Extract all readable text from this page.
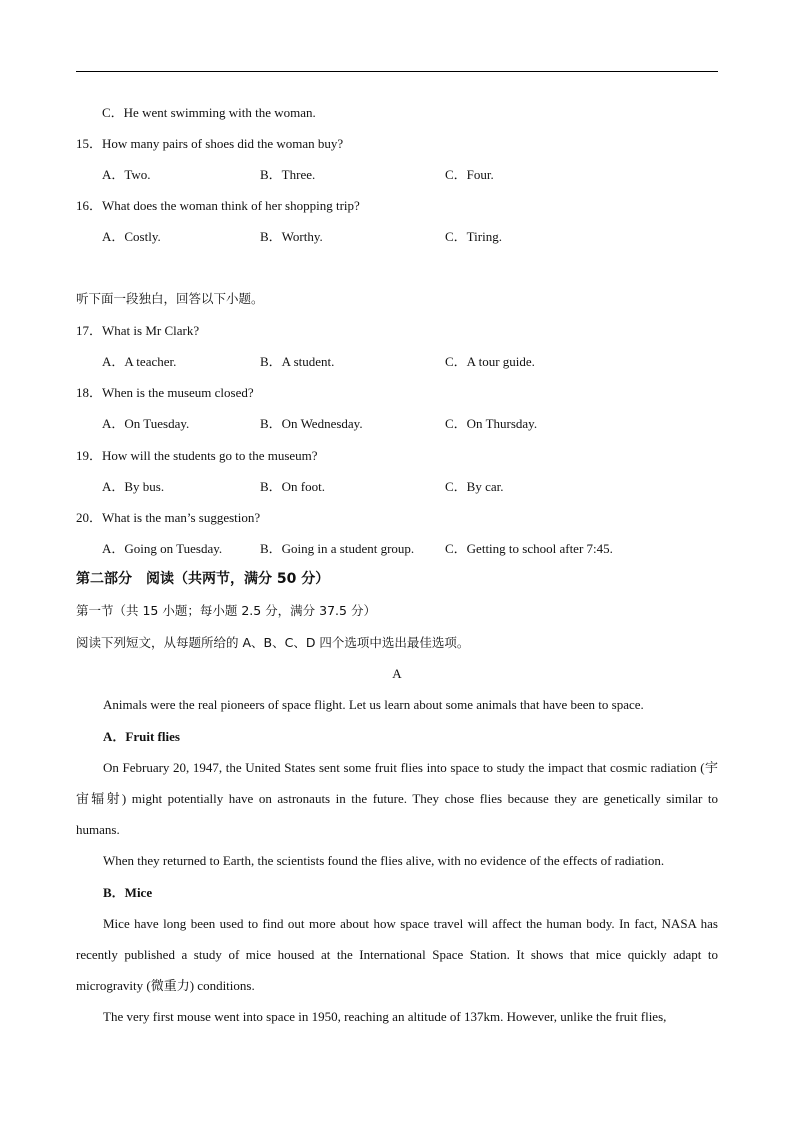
C．He went swimming with the woman.
15．How many pairs of shoes did the woman buy?
A．Two.	B．Three.	C．Four.
16．What does the woman think of her shopping trip?
A．Costly.	B．Worthy.	C．Tiring.
听下面一段独白，回答以下小题。
17．What is Mr Clark?
A．A teacher.	B．A student.	C．A tour guide.
18．When is the museum closed?
A．On Tuesday.	B．On Wednesday.	C．On Thursday.
19．How will the students go to the museum?
A．By bus.	B．On foot.	C．By car.
20．What is the man’s suggestion?
A．Going on Tuesday.	B．Going in a student group. C．Getting to school after 7:45.
第二部分　阅读（共两节，满分 50 分）
第一节（共 15 小题；每小题 2.5 分，满分 37.5 分）
阅读下列短文，从每题所给的 A、B、C、D 四个选项中选出最佳选项。
A
Animals were the real pioneers of space flight. Let us learn about some animals that have been to space.
A．Fruit flies
On February 20, 1947, the United States sent some fruit flies into space to study the impact that cosmic radiation (宇宙辐射) might potentially have on astronauts in the future. They chose flies because they are genetically similar to humans.
When they returned to Earth, the scientists found the flies alive, with no evidence of the effects of radiation.
B．Mice
Mice have long been used to find out more about how space travel will affect the human body. In fact, NASA has recently published a study of mice housed at the International Space Station. It shows that mice quickly adapt to microgravity (微重力) conditions.
The very first mouse went into space in 1950, reaching an altitude of 137km. However, unlike the fruit flies,
